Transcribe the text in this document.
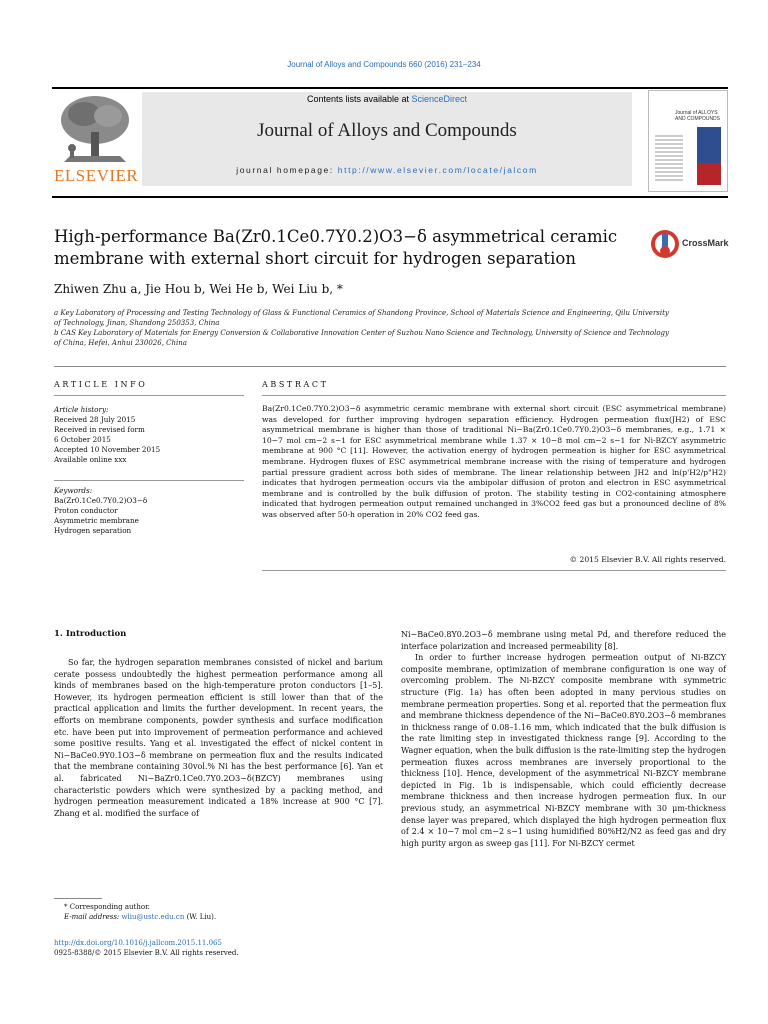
Journal of Alloys and Compounds 660 (2016) 231–234
ELSEVIER
Contents lists available at ScienceDirect
Journal of Alloys and Compounds
journal homepage: http://www.elsevier.com/locate/jalcom
Journal of ALLOYS AND COMPOUNDS
High-performance Ba(Zr0.1Ce0.7Y0.2)O3−δ asymmetrical ceramic
membrane with external short circuit for hydrogen separation
CrossMark
Zhiwen Zhu a, Jie Hou b, Wei He b, Wei Liu b, *
a Key Laboratory of Processing and Testing Technology of Glass & Functional Ceramics of Shandong Province, School of Materials Science and Engineering, Qilu University of Technology, Jinan, Shandong 250353, China
b CAS Key Laboratory of Materials for Energy Conversion & Collaborative Innovation Center of Suzhou Nano Science and Technology, University of Science and Technology of China, Hefei, Anhui 230026, China
ARTICLE INFO	ABSTRACT
Article history:
Received 28 July 2015
Received in revised form
6 October 2015
Accepted 10 November 2015
Available online xxx
Keywords:
Ba(Zr0.1Ce0.7Y0.2)O3−δ
Proton conductor
Asymmetric membrane
Hydrogen separation
Ba(Zr0.1Ce0.7Y0.2)O3−δ asymmetric ceramic membrane with external short circuit (ESC asymmetrical membrane) was developed for further improving hydrogen separation efficiency. Hydrogen permeation flux(JH2) of ESC asymmetrical membrane is higher than those of traditional Ni−Ba(Zr0.1Ce0.7Y0.2)O3−δ membranes, e.g., 1.71 × 10−7 mol cm−2 s−1 for ESC asymmetrical membrane while 1.37 × 10−8 mol cm−2 s−1 for Ni-BZCY asymmetric membrane at 900 °C [11]. However, the activation energy of hydrogen permeation is higher for ESC asymmetrical membrane. Hydrogen fluxes of ESC asymmetrical membrane increase with the rising of temperature and hydrogen partial pressure gradient across both sides of membrane. The linear relationship between JH2 and ln(p'H2/p"H2) indicates that hydrogen permeation occurs via the ambipolar diffusion of proton and electron in ESC asymmetrical membrane and is controlled by the bulk diffusion of proton. The stability testing in CO2-containing atmosphere indicated that hydrogen permeation output remained unchanged in 3%CO2 feed gas but a pronounced decline of 8% was observed after 50-h operation in 20% CO2 feed gas.
© 2015 Elsevier B.V. All rights reserved.
1. Introduction
So far, the hydrogen separation membranes consisted of nickel and barium cerate possess undoubtedly the highest permeation performance among all kinds of membranes based on the high-temperature proton conductors [1–5]. However, its hydrogen permeation efficient is still lower than that of the practical application and limits the further development. In recent years, the efforts on membrane components, powder synthesis and surface modification etc. have been put into improvement of permeation performance and achieved some positive results. Yang et al. investigated the effect of nickel content in Ni−BaCe0.9Y0.1O3−δ membrane on permeation flux and the results indicated that the membrane containing 30vol.% Ni has the best performance [6]. Yan et al. fabricated Ni−BaZr0.1Ce0.7Y0.2O3−δ(BZCY) membranes using characteristic powders which were synthesized by a packing method, and hydrogen permeation measurement indicated a 18% increase at 900 °C [7]. Zhang et al. modified the surface of
Ni−BaCe0.8Y0.2O3−δ membrane using metal Pd, and therefore reduced the interface polarization and increased permeability [8].
In order to further increase hydrogen permeation output of Ni-BZCY composite membrane, optimization of membrane configuration is one way of overcoming problem. The Ni-BZCY composite membrane with symmetric structure (Fig. 1a) has often been adopted in many pervious studies on membrane permeation properties. Song et al. reported that the permeation flux and membrane thickness dependence of the Ni−BaCe0.8Y0.2O3−δ membranes in thickness range of 0.08–1.16 mm, which indicated that the bulk diffusion is the rate limiting step in investigated thickness range [9]. According to the Wagner equation, when the bulk diffusion is the rate-limiting step the hydrogen permeation fluxes across membranes are inversely proportional to the thickness [10]. Hence, development of the asymmetrical Ni-BZCY membrane depicted in Fig. 1b is indispensable, which could efficiently decrease membrane thickness and then increase hydrogen permeation flux. In our previous study, an asymmetrical Ni-BZCY membrane with 30 μm-thickness dense layer was prepared, which displayed the high hydrogen permeation flux of 2.4 × 10−7 mol cm−2 s−1 using humidified 80%H2/N2 as feed gas and dry high purity argon as sweep gas [11]. For Ni-BZCY cermet
* Corresponding author.
E-mail address: wliu@ustc.edu.cn (W. Liu).
http://dx.doi.org/10.1016/j.jallcom.2015.11.065
0925-8388/© 2015 Elsevier B.V. All rights reserved.
